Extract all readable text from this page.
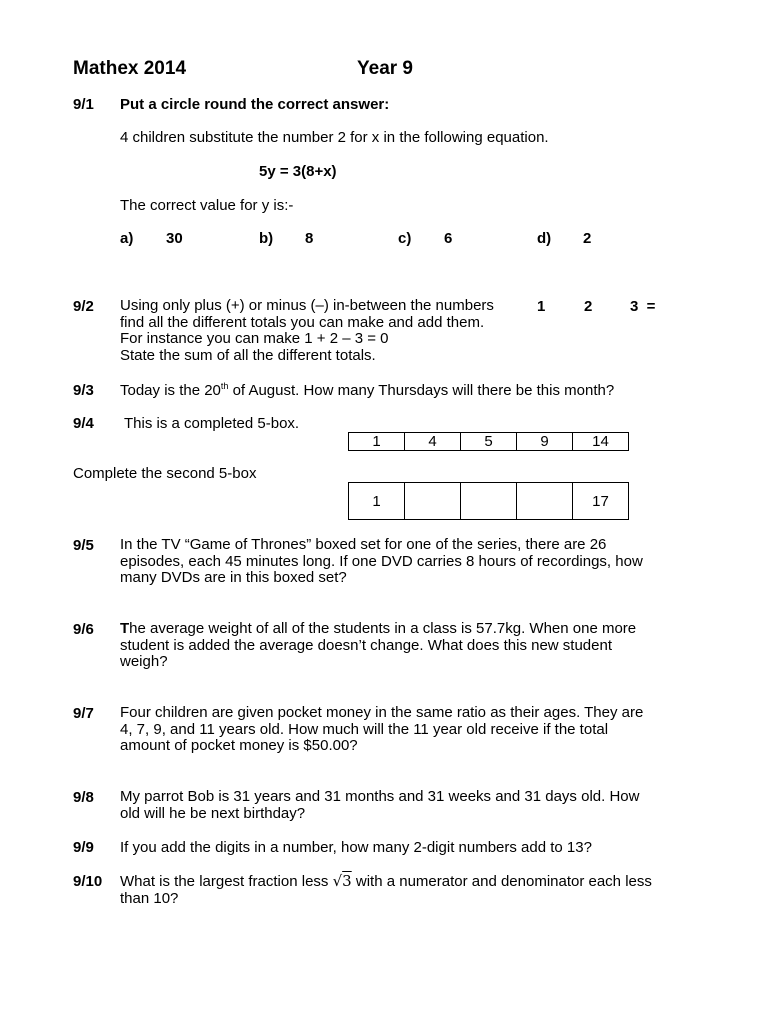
Mathex 2014	Year 9
9/1 Put a circle round the correct answer:
4 children substitute the number 2 for x in the following equation.
5y = 3(8+x)
The correct value for y is:-
a) 30	b) 8	c) 6	d) 2
9/2 Using only plus (+) or minus (–) in-between the numbers
find all the different totals you can make and add them.
For instance you can make 1 + 2 – 3 = 0
State the sum of all the different totals.
1	2	3  =
9/3 Today is the 20th of August. How many Thursdays will there be this month?
9/4 This is a completed 5-box.
1	4	5	9	14
Complete the second 5-box
1				17
9/5 In the TV “Game of Thrones” boxed set for one of the series, there are 26
episodes, each 45 minutes long. If one DVD carries 8 hours of recordings, how
many DVDs are in this boxed set?
9/6 The average weight of all of the students in a class is 57.7kg. When one more
student is added the average doesn’t change. What does this new student
weigh?
9/7 Four children are given pocket money in the same ratio as their ages. They are
4, 7, 9, and 11 years old. How much will the 11 year old receive if the total
amount of pocket money is $50.00?
9/8 My parrot Bob is 31 years and 31 months and 31 weeks and 31 days old. How
old will he be next birthday?
9/9 If you add the digits in a number, how many 2-digit numbers add to 13?
9/10 What is the largest fraction less √3 with a numerator and denominator each less
than 10?
